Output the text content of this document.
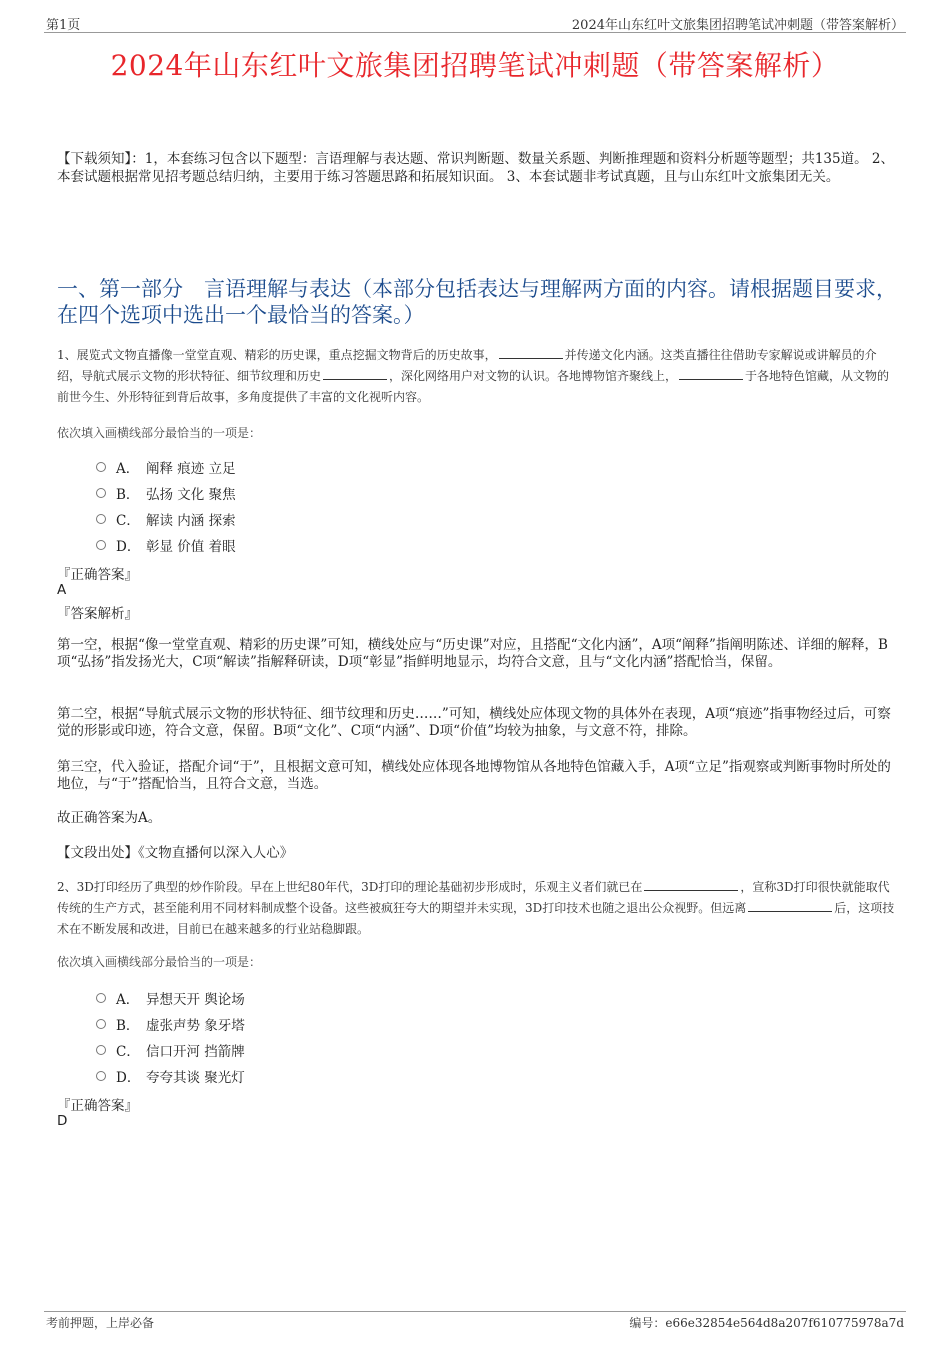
第1页	2024年山东红叶文旅集团招聘笔试冲刺题（带答案解析）
2024年山东红叶文旅集团招聘笔试冲刺题（带答案解析）
【下载须知】：1，本套练习包含以下题型：言语理解与表达题、常识判断题、数量关系题、判断推理题和资料分析题等题型；共135道。 2、本套试题根据常见招考题总结归纳，主要用于练习答题思路和拓展知识面。 3、本套试题非考试真题，且与山东红叶文旅集团无关。
一、第一部分　言语理解与表达（本部分包括表达与理解两方面的内容。请根据题目要求，在四个选项中选出一个最恰当的答案。）
1、展览式文物直播像一堂堂直观、精彩的历史课，重点挖掘文物背后的历史故事，	并传递文化内涵。这类直播往往借助专家解说或讲解员的介绍，导航式展示文物的形状特征、细节纹理和历史	，深化网络用户对文物的认识。各地博物馆齐聚线上，	于各地特色馆藏，从文物的前世今生、外形特征到背后故事，多角度提供了丰富的文化视听内容。
依次填入画横线部分最恰当的一项是：
A． 阐释 痕迹 立足
B． 弘扬 文化 聚焦
C． 解读 内涵 探索
D． 彰显 价值 着眼
『正确答案』
A
『答案解析』
第一空，根据“像一堂堂直观、精彩的历史课”可知，横线处应与“历史课”对应，且搭配“文化内涵”，A项“阐释”指阐明陈述、详细的解释，B项“弘扬”指发扬光大，C项“解读”指解释研读，D项“彰显”指鲜明地显示，均符合文意，且与“文化内涵”搭配恰当，保留。
第二空，根据“导航式展示文物的形状特征、细节纹理和历史……”可知，横线处应体现文物的具体外在表现，A项“痕迹”指事物经过后，可察觉的形影或印迹，符合文意，保留。B项“文化”、C项“内涵”、D项“价值”均较为抽象，与文意不符，排除。
第三空，代入验证，搭配介词“于”，且根据文意可知，横线处应体现各地博物馆从各地特色馆藏入手，A项“立足”指观察或判断事物时所处的地位，与“于”搭配恰当，且符合文意，当选。
故正确答案为A。
【文段出处】《文物直播何以深入人心》
2、3D打印经历了典型的炒作阶段。早在上世纪80年代，3D打印的理论基础初步形成时，乐观主义者们就已在	，宣称3D打印很快就能取代传统的生产方式，甚至能利用不同材料制成整个设备。这些被疯狂夸大的期望并未实现，3D打印技术也随之退出公众视野。但远离	后，这项技术在不断发展和改进，目前已在越来越多的行业站稳脚跟。
依次填入画横线部分最恰当的一项是：
A． 异想天开 舆论场
B． 虚张声势 象牙塔
C． 信口开河 挡箭牌
D． 夸夸其谈 聚光灯
『正确答案』
D
考前押题，上岸必备	编号：e66e32854e564d8a207f610775978a7d
